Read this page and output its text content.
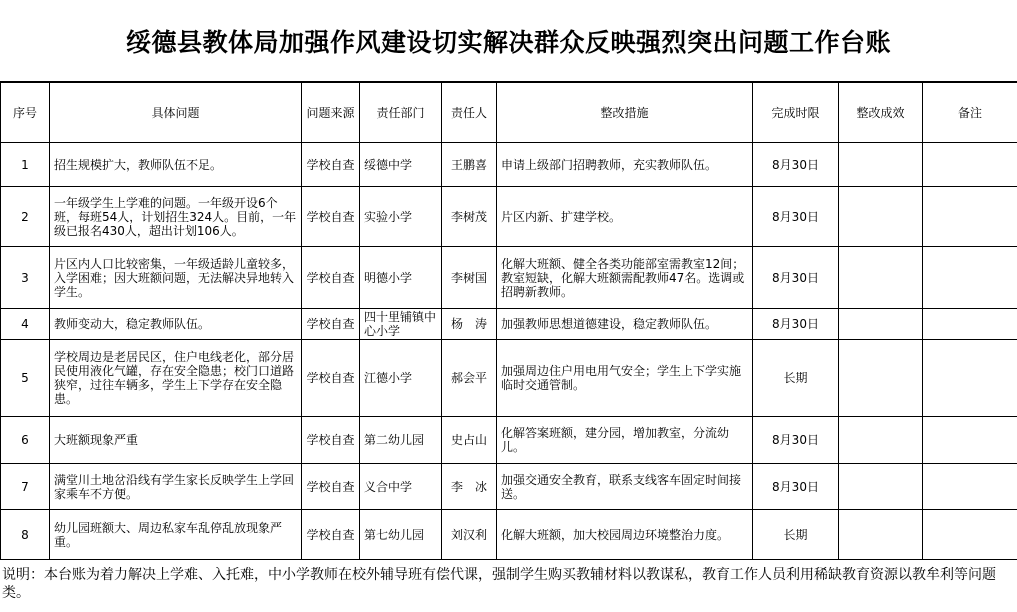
绥德县教体局加强作风建设切实解决群众反映强烈突出问题工作台账
序号	具体问题	问题来源	责任部门	责任人	整改措施	完成时限	整改成效	备注
1	招生规模扩大，教师队伍不足。	学校自查	绥德中学	王鹏喜	申请上级部门招聘教师，充实教师队伍。	8月30日		
2	一年级学生上学难的问题。一年级开设6个班，每班54人，计划招生324人。目前，一年级已报名430人，超出计划106人。	学校自查	实验小学	李树茂	片区内新、扩建学校。	8月30日		
3	片区内人口比较密集，一年级适龄儿童较多，入学困难；因大班额问题，无法解决异地转入学生。	学校自查	明德小学	李树国	化解大班额、健全各类功能部室需教室12间；教室短缺，化解大班额需配教师47名。选调或招聘新教师。	8月30日		
4	教师变动大，稳定教师队伍。	学校自查	四十里铺镇中心小学	杨　涛	加强教师思想道德建设，稳定教师队伍。	8月30日		
5	学校周边是老居民区，住户电线老化，部分居民使用液化气罐，存在安全隐患；校门口道路狭窄，过往车辆多，学生上下学存在安全隐患。	学校自查	江德小学	郝会平	加强周边住户用电用气安全；学生上下学实施临时交通管制。	长期		
6	大班额现象严重	学校自查	第二幼儿园	史占山	化解答案班额，建分园，增加教室，分流幼儿。	8月30日		
7	满堂川土地岔沿线有学生家长反映学生上学回家乘车不方便。	学校自查	义合中学	李　冰	加强交通安全教育，联系支线客车固定时间接送。	8月30日		
8	幼儿园班额大、周边私家车乱停乱放现象严重。	学校自查	第七幼儿园	刘汉利	化解大班额，加大校园周边环境整治力度。	长期		
说明：本台账为着力解决上学难、入托难，中小学教师在校外辅导班有偿代课，强制学生购买教辅材料以教谋私，教育工作人员利用稀缺教育资源以教牟利等问题类。
